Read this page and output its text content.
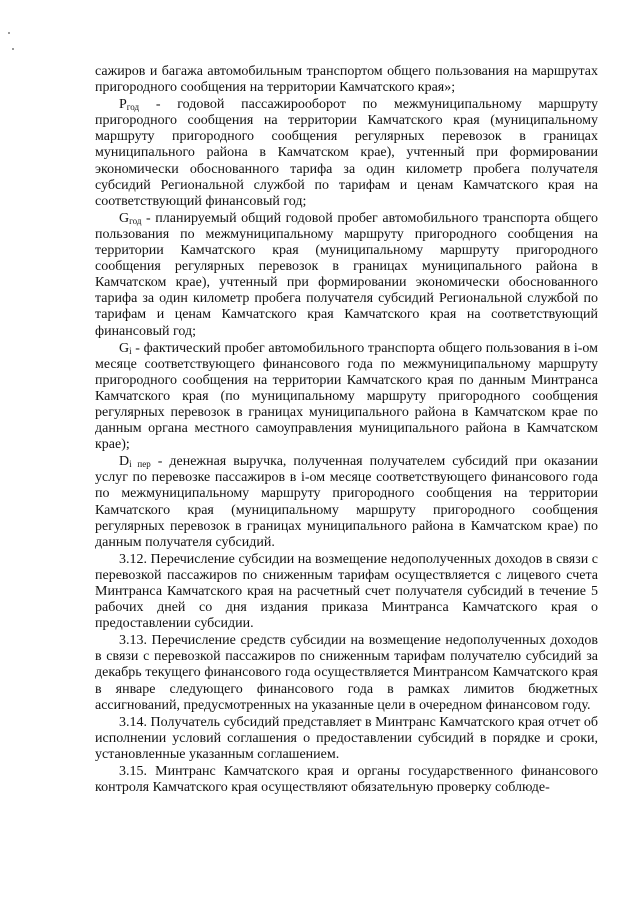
сажиров и багажа автомобильным транспортом общего пользования на маршрутах пригородного сообщения на территории Камчатского края»;

$P_{год}$ - годовой пассажирооборот по межмуниципальному маршруту пригородного сообщения на территории Камчатского края (муниципальному маршруту пригородного сообщения регулярных перевозок в границах муниципального района в Камчатском крае), учтенный при формировании экономически обоснованного тарифа за один километр пробега получателя субсидий Региональной службой по тарифам и ценам Камчатского края на соответствующий финансовый год;

$G_{год}$ - планируемый общий годовой пробег автомобильного транспорта общего пользования по межмуниципальному маршруту пригородного сообщения на территории Камчатского края (муниципальному маршруту пригородного сообщения регулярных перевозок в границах муниципального района в Камчатском крае), учтенный при формировании экономически обоснованного тарифа за один километр пробега получателя субсидий Региональной службой по тарифам и ценам Камчатского края Камчатского края на соответствующий финансовый год;

$G_i$ - фактический пробег автомобильного транспорта общего пользования в i-ом месяце соответствующего финансового года по межмуниципальному маршруту пригородного сообщения на территории Камчатского края по данным Минтранса Камчатского края (по муниципальному маршруту пригородного сообщения регулярных перевозок в границах муниципального района в Камчатском крае по данным органа местного самоуправления муниципального района в Камчатском крае);

$D_{i пер}$ - денежная выручка, полученная получателем субсидий при оказании услуг по перевозке пассажиров в i-ом месяце соответствующего финансового года по межмуниципальному маршруту пригородного сообщения на территории Камчатского края (муниципальному маршруту пригородного сообщения регулярных перевозок в границах муниципального района в Камчатском крае) по данным получателя субсидий.

3.12. Перечисление субсидии на возмещение недополученных доходов в связи с перевозкой пассажиров по сниженным тарифам осуществляется с лицевого счета Минтранса Камчатского края на расчетный счет получателя субсидий в течение 5 рабочих дней со дня издания приказа Минтранса Камчатского края о предоставлении субсидии.

3.13. Перечисление средств субсидии на возмещение недополученных доходов в связи с перевозкой пассажиров по сниженным тарифам получателю субсидий за декабрь текущего финансового года осуществляется Минтрансом Камчатского края в январе следующего финансового года в рамках лимитов бюджетных ассигнований, предусмотренных на указанные цели в очередном финансовом году.

3.14. Получатель субсидий представляет в Минтранс Камчатского края отчет об исполнении условий соглашения о предоставлении субсидий в порядке и сроки, установленные указанным соглашением.

3.15. Минтранс Камчатского края и органы государственного финансового контроля Камчатского края осуществляют обязательную проверку соблюде-
